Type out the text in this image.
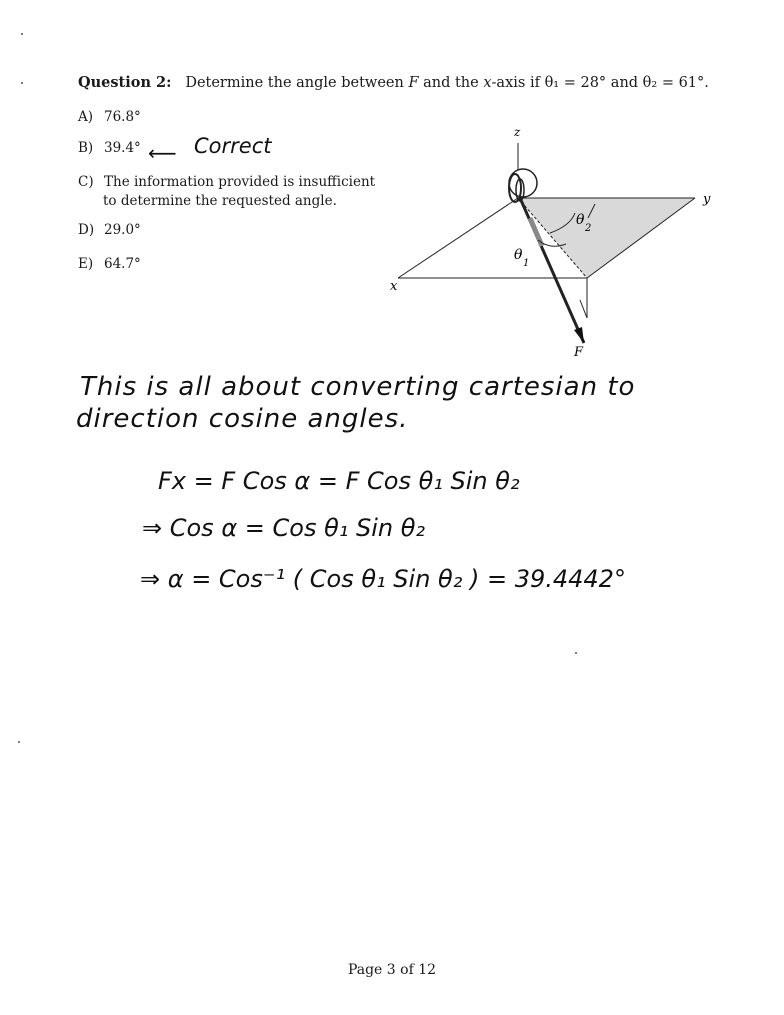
Question 2: Determine the angle between F and the x-axis if θ₁ = 28° and θ₂ = 61°.
A) 76.8°
B) 39.4°
C) The information provided is insufficient
to determine the requested angle.
D) 29.0°
E) 64.7°
⟵ Correct
z
y
x
F
θ
1
θ
2
This is all about converting cartesian to
direction cosine angles.
Fx = F Cos α = F Cos θ₁ Sin θ₂
⇒ Cos α = Cos θ₁ Sin θ₂
⇒ α = Cos⁻¹ ( Cos θ₁ Sin θ₂ ) = 39.4442°
Page 3 of 12
